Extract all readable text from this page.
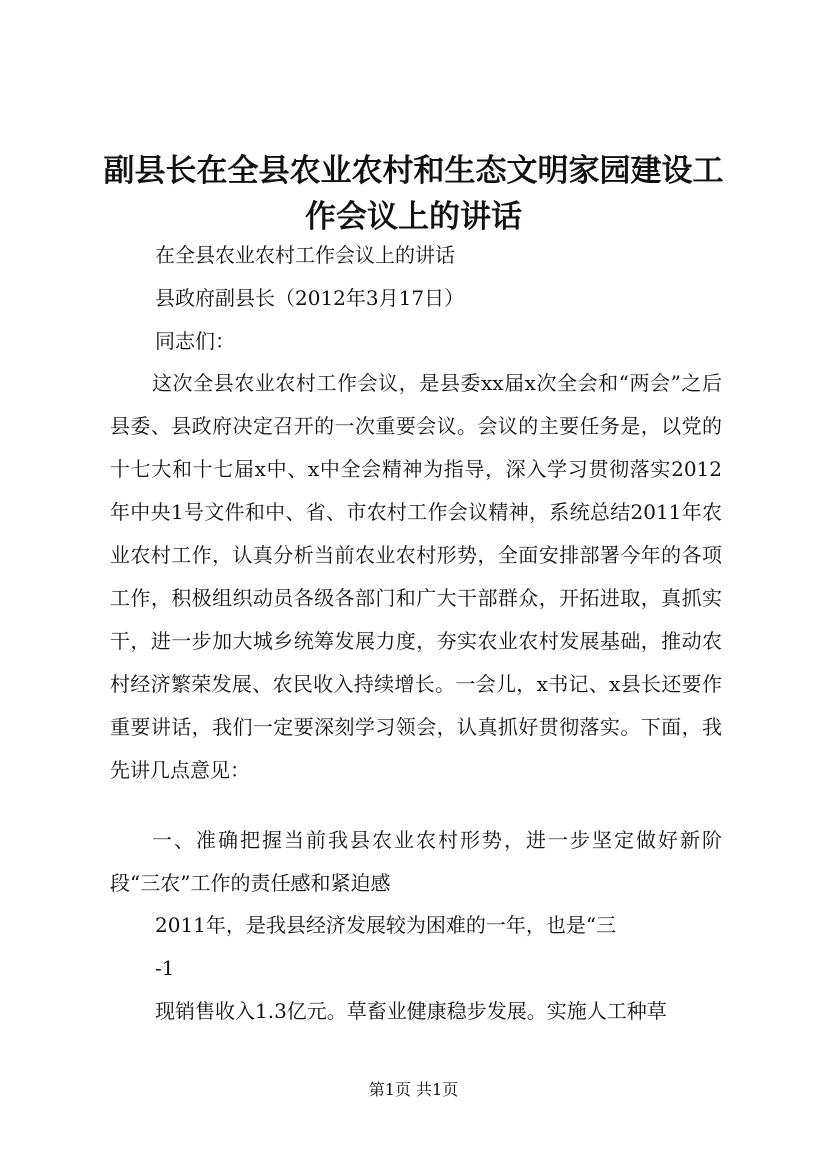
副县长在全县农业农村和生态文明家园建设工作会议上的讲话
在全县农业农村工作会议上的讲话
县政府副县长（2012年3月17日）
同志们：
这次全县农业农村工作会议，是县委xx届x次全会和“两会”之后县委、县政府决定召开的一次重要会议。会议的主要任务是，以党的十七大和十七届x中、x中全会精神为指导，深入学习贯彻落实2012年中央1号文件和中、省、市农村工作会议精神，系统总结2011年农业农村工作，认真分析当前农业农村形势，全面安排部署今年的各项工作，积极组织动员各级各部门和广大干部群众，开拓进取，真抓实干，进一步加大城乡统筹发展力度，夯实农业农村发展基础，推动农村经济繁荣发展、农民收入持续增长。一会儿，x书记、x县长还要作重要讲话，我们一定要深刻学习领会，认真抓好贯彻落实。下面，我先讲几点意见：
一、准确把握当前我县农业农村形势，进一步坚定做好新阶段“三农”工作的责任感和紧迫感
2011年，是我县经济发展较为困难的一年，也是“三
-1
现销售收入1.3亿元。草畜业健康稳步发展。实施人工种草
第1页 共1页
